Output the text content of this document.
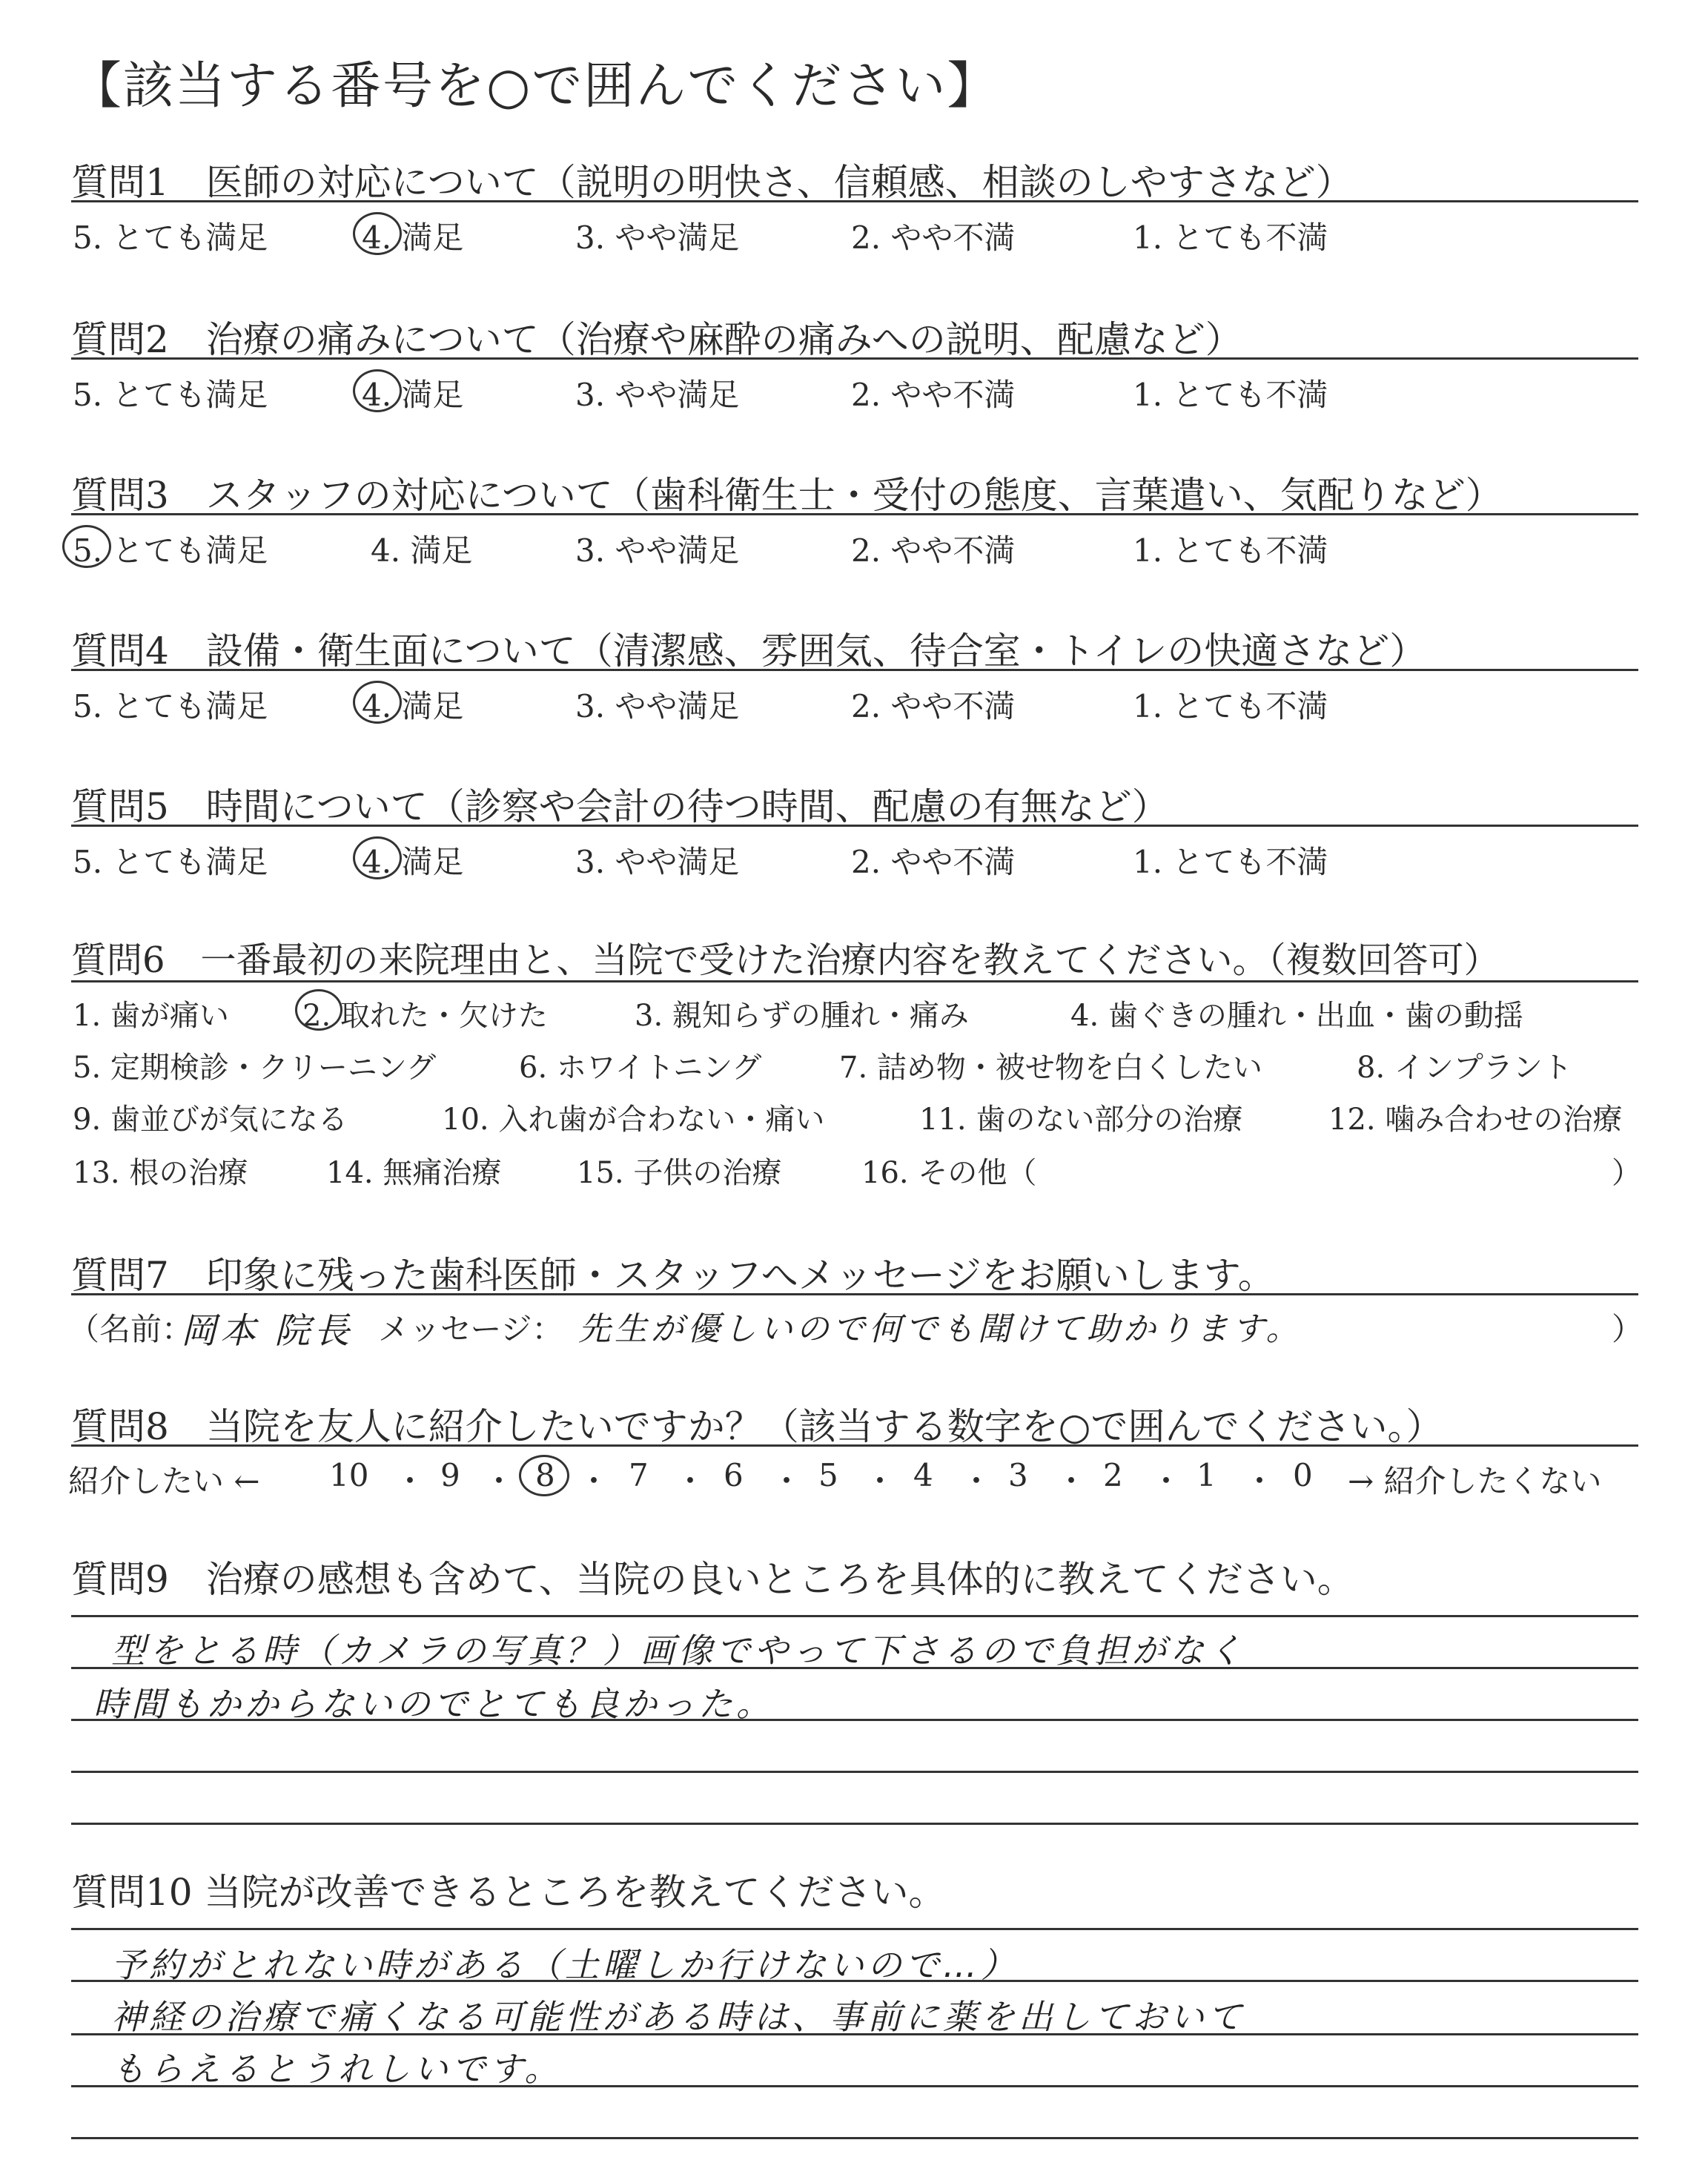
【該当する番号を○で囲んでください】
質問1　医師の対応について（説明の明快さ、信頼感、相談のしやすさなど）
5. とても満足	4. 満足	3. やや満足	2. やや不満	1. とても不満
質問2　治療の痛みについて（治療や麻酔の痛みへの説明、配慮など）
5. とても満足	4. 満足	3. やや満足	2. やや不満	1. とても不満
質問3　スタッフの対応について（歯科衛生士・受付の態度、言葉遣い、気配りなど）
5. とても満足	4. 満足	3. やや満足	2. やや不満	1. とても不満
質問4　設備・衛生面について（清潔感、雰囲気、待合室・トイレの快適さなど）
5. とても満足	4. 満足	3. やや満足	2. やや不満	1. とても不満
質問5　時間について（診察や会計の待つ時間、配慮の有無など）
5. とても満足	4. 満足	3. やや満足	2. やや不満	1. とても不満
質問6　一番最初の来院理由と、当院で受けた治療内容を教えてください。（複数回答可）
1. 歯が痛い 2. 取れた・欠けた	3. 親知らずの腫れ・痛み	4. 歯ぐきの腫れ・出血・歯の動揺
5. 定期検診・クリーニング	6. ホワイトニング	7. 詰め物・被せ物を白くしたい	8. インプラント
9. 歯並びが気になる	10. 入れ歯が合わない・痛い	11. 歯のない部分の治療	12. 噛み合わせの治療
13. 根の治療	14. 無痛治療	15. 子供の治療	16. その他（	）
質問7　印象に残った歯科医師・スタッフへメッセージをお願いします。
（名前：
岡本 院長 メッセージ： 先生が優しいので何でも聞けて助かります。	）
質問8　当院を友人に紹介したいですか？（該当する数字を○で囲んでください。）
紹介したい ← 10 ・ 9 ・ 8 ・ 7 ・ 6 ・ 5 ・ 4 ・ 3 ・ 2 ・ 1 ・ 0 → 紹介したくない
質問9　治療の感想も含めて、当院の良いところを具体的に教えてください。
型をとる時（カメラの写真？）画像でやって下さるので負担がなく
時間もかからないのでとても良かった。
質問10 当院が改善できるところを教えてください。
予約がとれない時がある（土曜しか行けないので…）
神経の治療で痛くなる可能性がある時は、事前に薬を出しておいて
もらえるとうれしいです。
